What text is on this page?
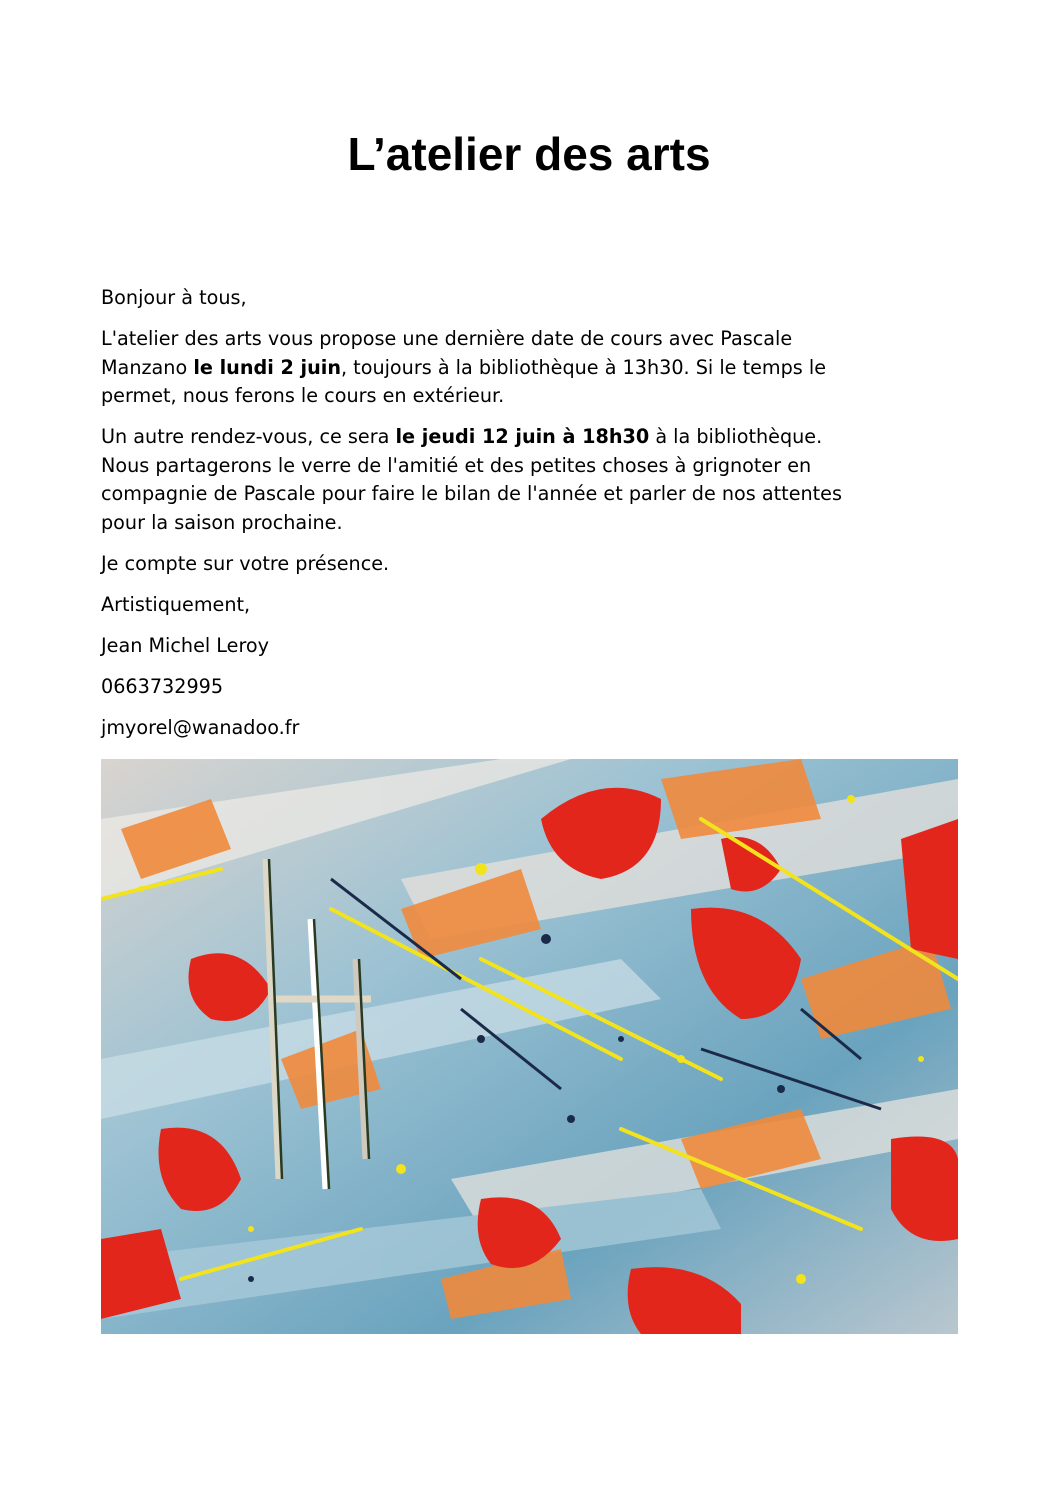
L’atelier des arts

Bonjour à tous,

L'atelier des arts vous propose une dernière date de cours avec Pascale
Manzano le lundi 2 juin, toujours à la bibliothèque à 13h30. Si le temps le
permet, nous ferons le cours en extérieur.

Un autre rendez-vous, ce sera le jeudi 12 juin à 18h30 à la bibliothèque.
Nous partagerons le verre de l'amitié et des petites choses à grignoter en
compagnie de Pascale pour faire le bilan de l'année et parler de nos attentes
pour la saison prochaine.

Je compte sur votre présence.

Artistiquement,

Jean Michel Leroy

0663732995

jmyorel@wanadoo.fr
